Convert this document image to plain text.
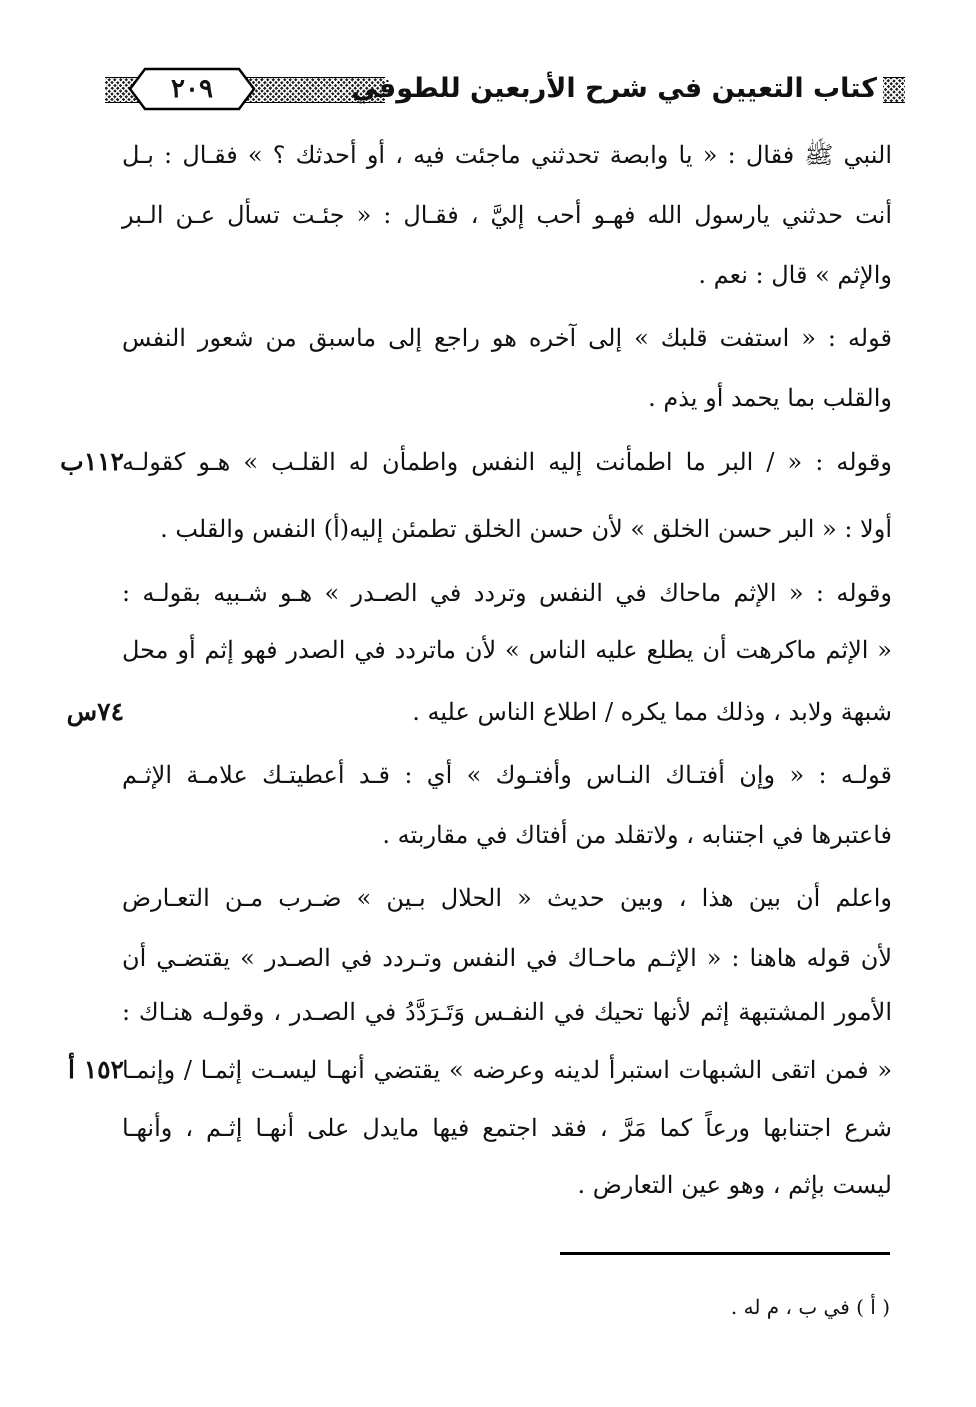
٢٠٩	كتاب التعيين في شرح الأربعين للطوفي
النبي ﷺ فقال : « يا وابصة تحدثني ماجئت فيه ، أو أحدثك ؟ » فقـال : بـل
أنت حدثني يارسول الله فهـو أحب إليَّ ، فقـال : « جئـت تسأل عـن الـبر
والإثم » قال : نعم .
قوله : « استفت قلبك » إلى آخره هو راجع إلى ماسبق من شعور النفس
والقلب بما يحمد أو يذم .
وقوله : « / البر ما اطمأنت إليه النفس واطمأن له القلـب » هـو كقولـه
١١٢ب
أولا : « البر حسن الخلق » لأن حسن الخلق تطمئن إليه(أ) النفس والقلب .
وقوله : « الإثم ماحاك في النفس وتردد في الصـدر » هـو شـبيه بقولـه :
« الإثم ماكرهت أن يطلع عليه الناس » لأن ماتردد في الصدر فهو إثم أو محل
شبهة ولابد ، وذلك مما يكره / اطلاع الناس عليه .
٧٤س
قولـه : « وإن أفتـاك النـاس وأفتـوك » أي : قـد أعطيتـك علامـة الإثـم
فاعتبرها في اجتنابه ، ولاتقلد من أفتاك في مقاربته .
واعلم أن بين هذا ، وبين حديث « الحلال بـين » ضـرب مـن التعـارض
لأن قوله هاهنا : « الإثـم ماحـاك في النفس وتـردد في الصـدر » يقتضـي أن
الأمور المشتبهة إثم لأنها تحيك في النفـس وَتَـرَدَّدُ في الصـدر ، وقولـه هنـاك :
« فمن اتقى الشبهات استبرأ لدينه وعرضه » يقتضي أنهـا ليسـت إثمـا / وإنمـا
١٥٢ أ
شرع اجتنابها ورعاً كما مَرَّ ، فقد اجتمع فيها مايدل على أنهـا إثـم ، وأنهـا
ليست بإثم ، وهو عين التعارض .
( أ ) في ب ، م له .
